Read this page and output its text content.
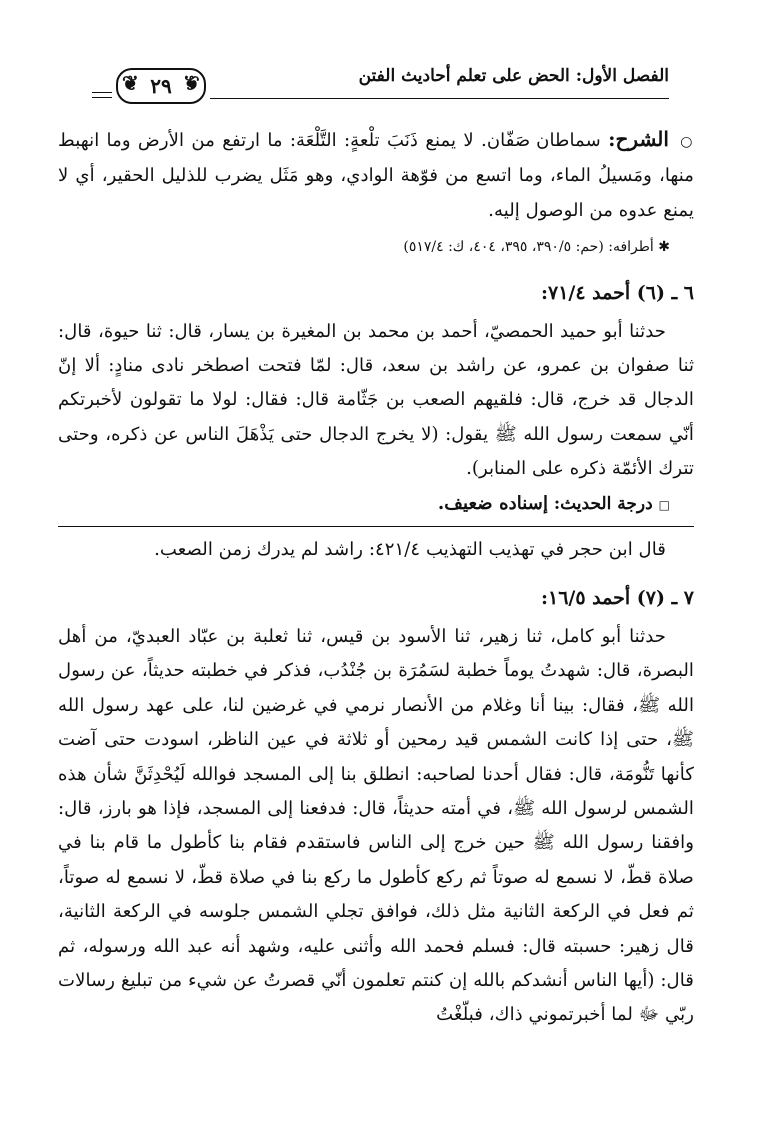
❦ ٢٩
❦	الفصل الأول: الحض على تعلم أحاديث الفتن

○ الشرح: سماطان صَفّان. لا يمنع ذَنَبَ تلْعةٍ: التَّلْعَة: ما ارتفع من الأرض وما انهبط منها، ومَسيلُ الماء، وما اتسع من فوّهة الوادي، وهو مَثَل يضرب للذليل الحقير، أي لا يمنع عدوه من الوصول إليه.

✱ أطرافه: (حم: ٣٩٠/٥، ٣٩٥، ٤٠٤، ك: ٥١٧/٤)

٦ ـ (٦) أحمد ٧١/٤:

حدثنا أبو حميد الحمصيّ، أحمد بن محمد بن المغيرة بن يسار، قال: ثنا حيوة، قال: ثنا صفوان بن عمرو، عن راشد بن سعد، قال: لمّا فتحت اصطخر نادى منادٍ: ألا إنّ الدجال قد خرج، قال: فلقيهم الصعب بن جَثّامة قال: فقال: لولا ما تقولون لأخبرتكم أنّي سمعت رسول الله ﷺ يقول: (لا يخرج الدجال حتى يَذْهَلَ الناس عن ذكره، وحتى تترك الأئمّة ذكره على المنابر).

□درجة الحديث: إسناده ضعيف.

قال ابن حجر في تهذيب التهذيب ٤٢١/٤: راشد لم يدرك زمن الصعب.

٧ ـ (٧) أحمد ١٦/٥:

حدثنا أبو كامل، ثنا زهير، ثنا الأسود بن قيس، ثنا ثعلبة بن عبّاد العبديّ، من أهل البصرة، قال: شهدتُ يوماً خطبة لسَمُرَة بن جُنْدُب، فذكر في خطبته حديثاً، عن رسول الله ﷺ، فقال: بينا أنا وغلام من الأنصار نرمي في غرضين لنا، على عهد رسول الله ﷺ، حتى إذا كانت الشمس قيد رمحين أو ثلاثة في عين الناظر، اسودت حتى آضت كأنها تَنُّومَة، قال: فقال أحدنا لصاحبه: انطلق بنا إلى المسجد فوالله لَيُحْدِثَنَّ شأن هذه الشمس لرسول الله ﷺ، في أمته حديثاً، قال: فدفعنا إلى المسجد، فإذا هو بارز، قال: وافقنا رسول الله ﷺ حين خرج إلى الناس فاستقدم فقام بنا كأطول ما قام بنا في صلاة قطّ، لا نسمع له صوتاً ثم ركع كأطول ما ركع بنا في صلاة قطّ، لا نسمع له صوتاً، ثم فعل في الركعة الثانية مثل ذلك، فوافق تجلي الشمس جلوسه في الركعة الثانية، قال زهير: حسبته قال: فسلم فحمد الله وأثنى عليه، وشهد أنه عبد الله ورسوله، ثم قال: (أيها الناس أنشدكم بالله إن كنتم تعلمون أنّي قصرتُ عن شيء من تبليغ رسالات ربّي ﷻ لما أخبرتموني ذاك، فبلّغْتُ
